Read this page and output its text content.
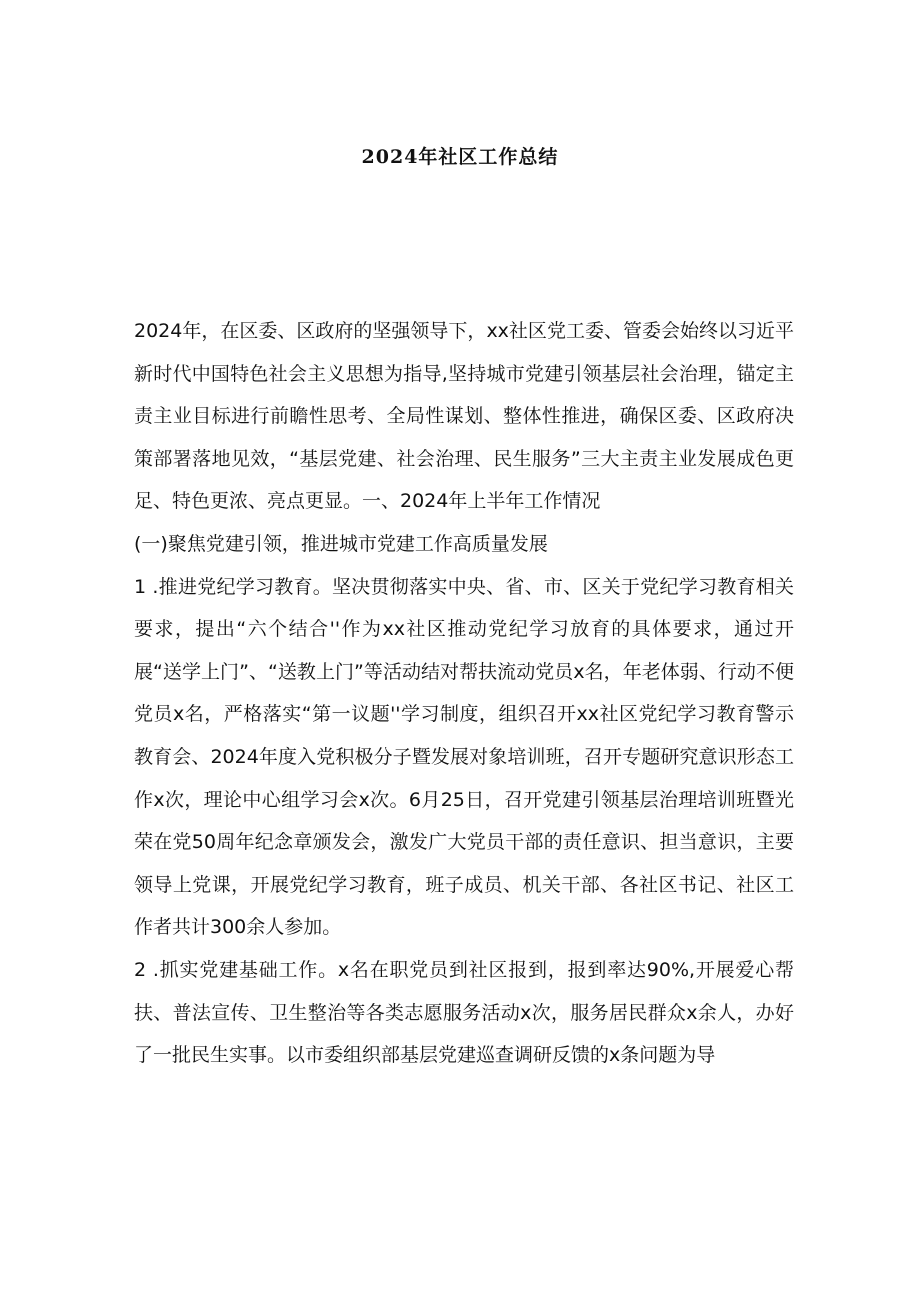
2024年社区工作总结

2024年，在区委、区政府的坚强领导下，xx社区党工委、管委会始终以习近平新时代中国特色社会主义思想为指导,坚持城市党建引领基层社会治理，锚定主责主业目标进行前瞻性思考、全局性谋划、整体性推进，确保区委、区政府决策部署落地见效，“基层党建、社会治理、民生服务”三大主责主业发展成色更足、特色更浓、亮点更显。一、2024年上半年工作情况

(一)聚焦党建引领，推进城市党建工作高质量发展

1 .推进党纪学习教育。坚决贯彻落实中央、省、市、区关于党纪学习教育相关要求，提出“六个结合''作为xx社区推动党纪学习放育的具体要求，通过开展“送学上门”、“送教上门”等活动结对帮扶流动党员x名，年老体弱、行动不便党员x名，严格落实“第一议题''学习制度，组织召开xx社区党纪学习教育警示教育会、2024年度入党积极分子暨发展对象培训班，召开专题研究意识形态工作x次，理论中心组学习会x次。6月25日，召开党建引领基层治理培训班暨光荣在党50周年纪念章颁发会，激发广大党员干部的责任意识、担当意识，主要领导上党课，开展党纪学习教育，班子成员、机关干部、各社区书记、社区工作者共计300余人参加。

2 .抓实党建基础工作。x名在职党员到社区报到，报到率达90%,开展爱心帮扶、普法宣传、卫生整治等各类志愿服务活动x次，服务居民群众x余人，办好了一批民生实事。以市委组织部基层党建巡查调研反馈的x条问题为导
